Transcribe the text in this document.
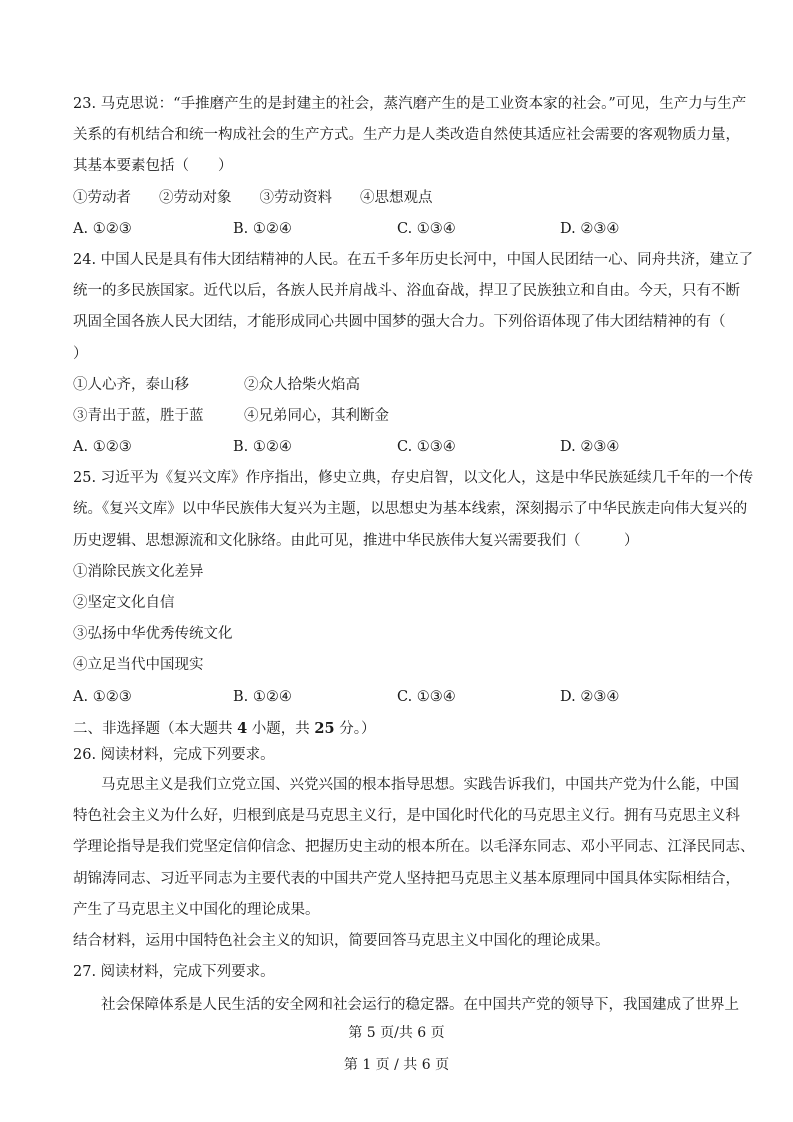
23. 马克思说：“手推磨产生的是封建主的社会，蒸汽磨产生的是工业资本家的社会。”可见，生产力与生产
关系的有机结合和统一构成社会的生产方式。生产力是人类改造自然使其适应社会需要的客观物质力量，
其基本要素包括（　　）
①劳动者 ②劳动对象 ③劳动资料 ④思想观点
A. ①②③	B. ①②④	C. ①③④	D. ②③④
24. 中国人民是具有伟大团结精神的人民。在五千多年历史长河中，中国人民团结一心、同舟共济，建立了
统一的多民族国家。近代以后，各族人民并肩战斗、浴血奋战，捍卫了民族独立和自由。今天，只有不断
巩固全国各族人民大团结，才能形成同心共圆中国梦的强大合力。下列俗语体现了伟大团结精神的有（
）
①人心齐，泰山移	②众人拾柴火焰高
③青出于蓝，胜于蓝	④兄弟同心，其利断金
A. ①②③	B. ①②④	C. ①③④	D. ②③④
25. 习近平为《复兴文库》作序指出，修史立典，存史启智，以文化人，这是中华民族延续几千年的一个传
统。《复兴文库》以中华民族伟大复兴为主题，以思想史为基本线索，深刻揭示了中华民族走向伟大复兴的
历史逻辑、思想源流和文化脉络。由此可见，推进中华民族伟大复兴需要我们（　　　）
①消除民族文化差异
②坚定文化自信
③弘扬中华优秀传统文化
④立足当代中国现实
A. ①②③	B. ①②④	C. ①③④	D. ②③④
二、非选择题（本大题共 4 小题，共 25 分。）
26. 阅读材料，完成下列要求。
马克思主义是我们立党立国、兴党兴国的根本指导思想。实践告诉我们，中国共产党为什么能，中国
特色社会主义为什么好，归根到底是马克思主义行，是中国化时代化的马克思主义行。拥有马克思主义科
学理论指导是我们党坚定信仰信念、把握历史主动的根本所在。以毛泽东同志、邓小平同志、江泽民同志、
胡锦涛同志、习近平同志为主要代表的中国共产党人坚持把马克思主义基本原理同中国具体实际相结合，
产生了马克思主义中国化的理论成果。
结合材料，运用中国特色社会主义的知识，简要回答马克思主义中国化的理论成果。
27. 阅读材料，完成下列要求。
社会保障体系是人民生活的安全网和社会运行的稳定器。在中国共产党的领导下，我国建成了世界上
第 5 页/共 6 页
第 1 页 / 共 6 页
